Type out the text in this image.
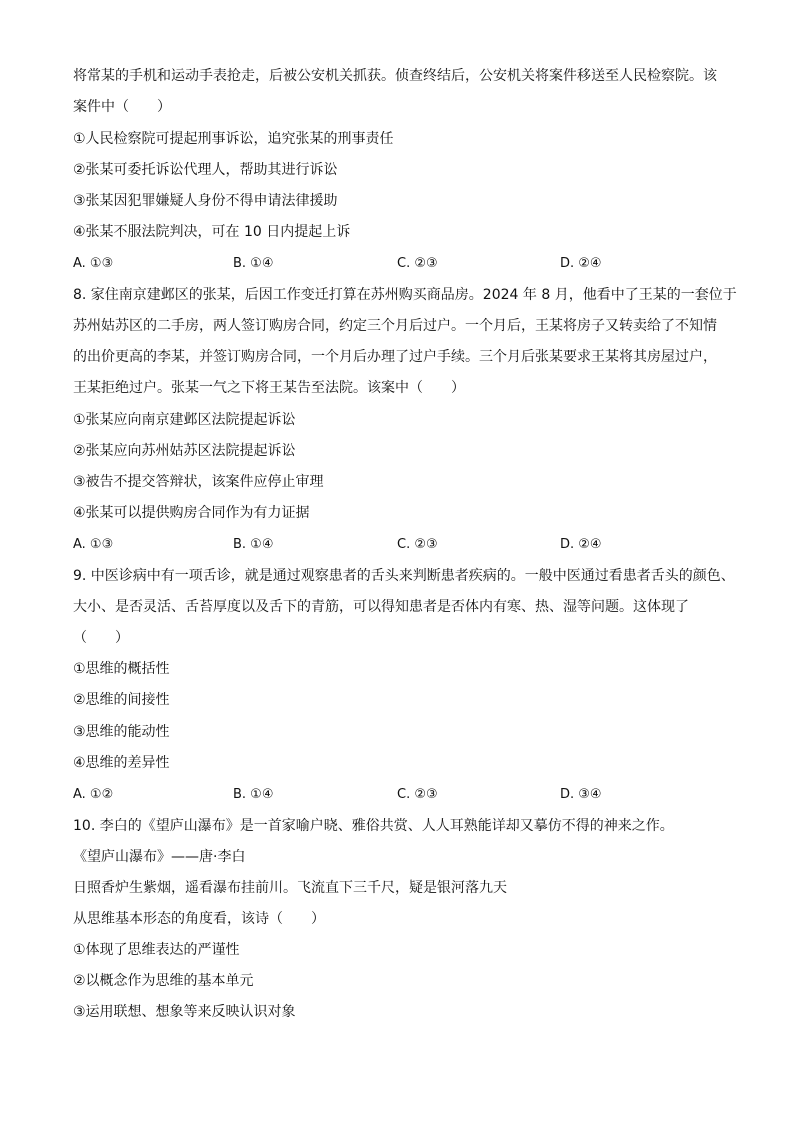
将常某的手机和运动手表抢走，后被公安机关抓获。侦查终结后，公安机关将案件移送至人民检察院。该
案件中（　　）
①人民检察院可提起刑事诉讼，追究张某的刑事责任
②张某可委托诉讼代理人，帮助其进行诉讼
③张某因犯罪嫌疑人身份不得申请法律援助
④张某不服法院判决，可在 10 日内提起上诉
A. ①③	B. ①④	C. ②③	D. ②④
8. 家住南京建邺区的张某，后因工作变迁打算在苏州购买商品房。2024 年 8 月，他看中了王某的一套位于
苏州姑苏区的二手房，两人签订购房合同，约定三个月后过户。一个月后，王某将房子又转卖给了不知情
的出价更高的李某，并签订购房合同，一个月后办理了过户手续。三个月后张某要求王某将其房屋过户，
王某拒绝过户。张某一气之下将王某告至法院。该案中（　　）
①张某应向南京建邺区法院提起诉讼
②张某应向苏州姑苏区法院提起诉讼
③被告不提交答辩状，该案件应停止审理
④张某可以提供购房合同作为有力证据
A. ①③	B. ①④	C. ②③	D. ②④
9. 中医诊病中有一项舌诊，就是通过观察患者的舌头来判断患者疾病的。一般中医通过看患者舌头的颜色、
大小、是否灵活、舌苔厚度以及舌下的青筋，可以得知患者是否体内有寒、热、湿等问题。这体现了
（　　）
①思维的概括性
②思维的间接性
③思维的能动性
④思维的差异性
A. ①②	B. ①④	C. ②③	D. ③④
10. 李白的《望庐山瀑布》是一首家喻户晓、雅俗共赏、人人耳熟能详却又摹仿不得的神来之作。
《望庐山瀑布》——唐·李白
日照香炉生紫烟，遥看瀑布挂前川。飞流直下三千尺，疑是银河落九天
从思维基本形态的角度看，该诗（　　）
①体现了思维表达的严谨性
②以概念作为思维的基本单元
③运用联想、想象等来反映认识对象
